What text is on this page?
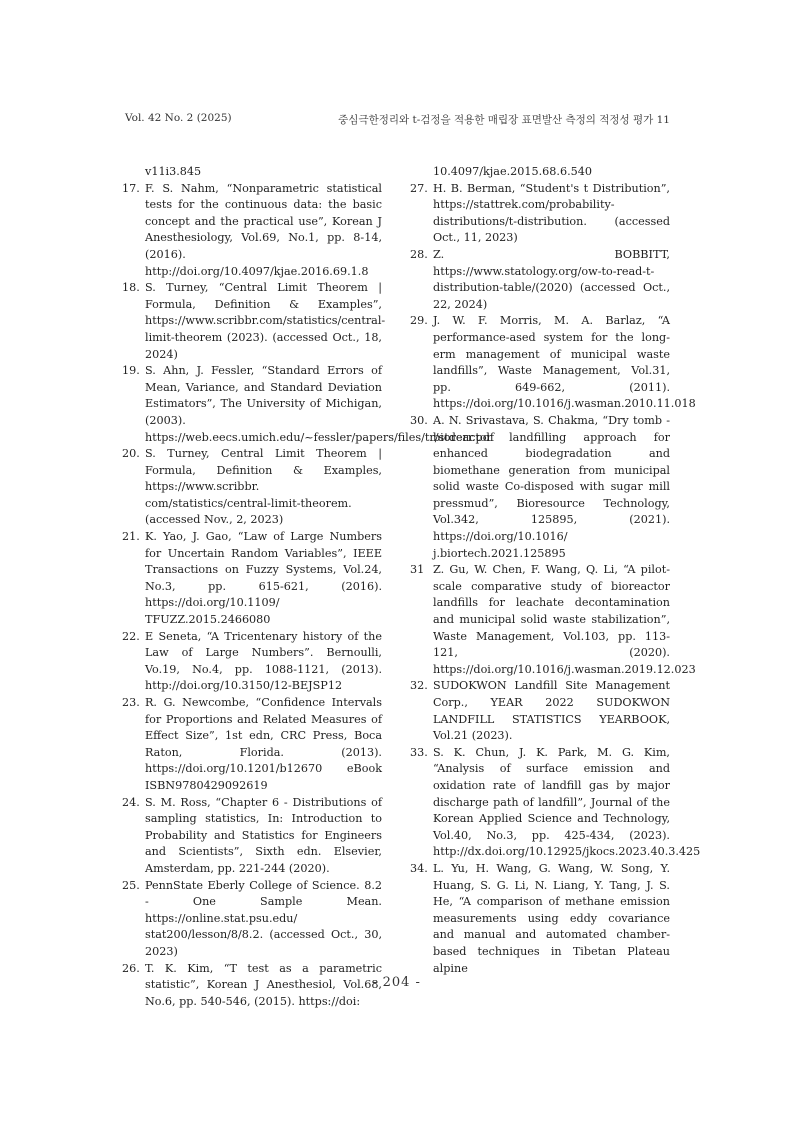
Vol. 42 No. 2 (2025)	중심극한정리와 t-검정을 적용한 매립장 표면발산 측정의 적정성 평가 11
v11i3.845
17. F. S. Nahm, “Nonparametric statistical tests for the continuous data: the basic concept and the practical use”, Korean J Anesthesiology, Vol.69, No.1, pp. 8-14, (2016). http://doi.org/10.4097/kjae.2016.69.1.8
18. S. Turney, “Central Limit Theorem | Formula, Definition & Examples”, https://www.scribbr.com/statistics/central-limit-theorem (2023). (accessed Oct., 18, 2024)
19. S. Ahn, J. Fessler, “Standard Errors of Mean, Variance, and Standard Deviation Estimators”, The University of Michigan, (2003). https://web.eecs.umich.edu/~fessler/papers/files/tr/stderr.pdf
20. S. Turney, Central Limit Theorem | Formula, Definition & Examples, https://www.scribbr. com/statistics/central-limit-theorem. (accessed Nov., 2, 2023)
21. K. Yao, J. Gao, “Law of Large Numbers for Uncertain Random Variables”, IEEE Transactions on Fuzzy Systems, Vol.24, No.3, pp. 615-621, (2016). https://doi.org/10.1109/ TFUZZ.2015.2466080
22. E Seneta, “A Tricentenary history of the Law of Large Numbers”. Bernoulli, Vo.19, No.4, pp. 1088-1121, (2013). http://doi.org/10.3150/12-BEJSP12
23. R. G. Newcombe, “Confidence Intervals for Proportions and Related Measures of Effect Size”, 1st edn, CRC Press, Boca Raton, Florida. (2013). https://doi.org/10.1201/b12670 eBook ISBN9780429092619
24. S. M. Ross, “Chapter 6 - Distributions of sampling statistics, In: Introduction to Probability and Statistics for Engineers and Scientists”, Sixth edn. Elsevier, Amsterdam, pp. 221-244 (2020).
25. PennState Eberly College of Science. 8.2 - One Sample Mean. https://online.stat.psu.edu/ stat200/lesson/8/8.2. (accessed Oct., 30, 2023)
26. T. K. Kim, “T test as a parametric statistic”, Korean J Anesthesiol, Vol.68, No.6, pp. 540-546, (2015). https://doi:
10.4097/kjae.2015.68.6.540
27. H. B. Berman, “Student's t Distribution”, https://stattrek.com/probability-distributions/t-distribution. (accessed Oct., 11, 2023)
28. Z. BOBBITT, https://www.statology.org/ow-to-read-t-distribution-table/(2020) (accessed Oct., 22, 2024)
29. J. W. F. Morris, M. A. Barlaz, “A performance-ased system for the long-erm management of municipal waste landfills”, Waste Management, Vol.31, pp. 649-662, (2011). https://doi.org/10.1016/j.wasman.2010.11.018
30. A. N. Srivastava, S. Chakma, “Dry tomb - bioreactor landfilling approach for enhanced biodegradation and biomethane generation from municipal solid waste Co-disposed with sugar mill pressmud”, Bioresource Technology, Vol.342, 125895, (2021). https://doi.org/10.1016/ j.biortech.2021.125895
31 Z. Gu, W. Chen, F. Wang, Q. Li, “A pilot-scale comparative study of bioreactor landfills for leachate decontamination and municipal solid waste stabilization”, Waste Management, Vol.103, pp. 113-121, (2020). https://doi.org/10.1016/j.wasman.2019.12.023
32. SUDOKWON Landfill Site Management Corp., YEAR 2022 SUDOKWON LANDFILL STATISTICS YEARBOOK, Vol.21 (2023).
33. S. K. Chun, J. K. Park, M. G. Kim, “Analysis of surface emission and oxidation rate of landfill gas by major discharge path of landfill”, Journal of the Korean Applied Science and Technology, Vol.40, No.3, pp. 425-434, (2023). http://dx.doi.org/10.12925/jkocs.2023.40.3.425
34. L. Yu, H. Wang, G. Wang, W. Song, Y. Huang, S. G. Li, N. Liang, Y. Tang, J. S. He, “A comparison of methane emission measurements using eddy covariance and manual and automated chamber-based techniques in Tibetan Plateau alpine
- 204 -
